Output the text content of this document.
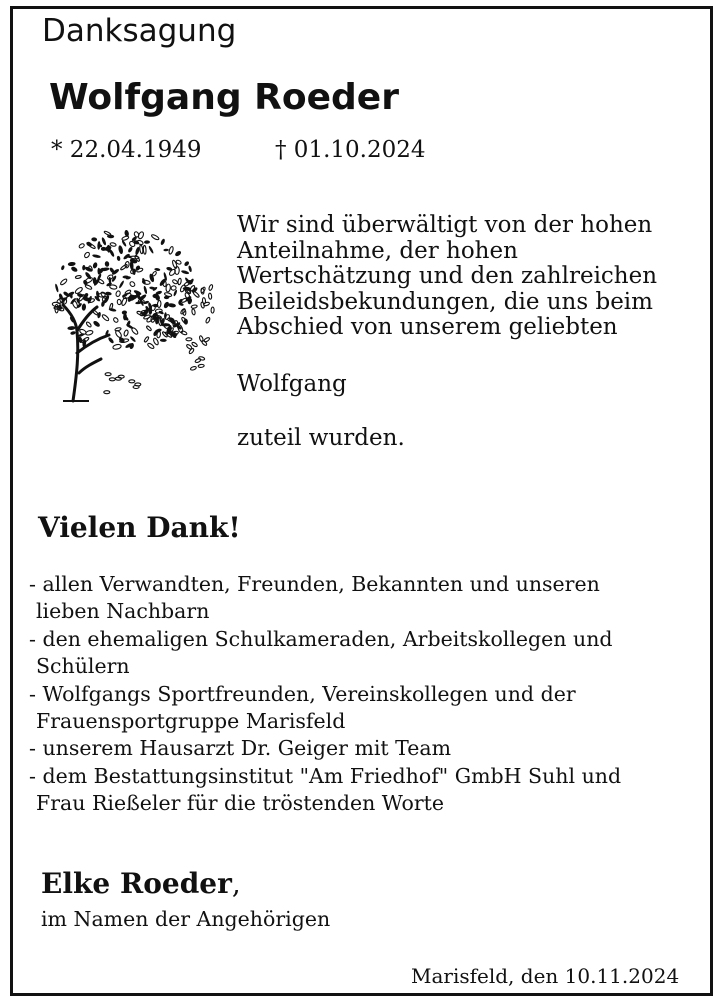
Danksagung
Wolfgang Roeder
* 22.04.1949	† 01.10.2024
Wir sind überwältigt von der hohen
Anteilnahme, der hohen
Wertschätzung und den zahlreichen
Beileidsbekundungen, die uns beim
Abschied von unserem geliebten
Wolfgang
zuteil wurden.
Vielen Dank!
- allen Verwandten, Freunden, Bekannten und unseren
lieben Nachbarn
- den ehemaligen Schulkameraden, Arbeitskollegen und
Schülern
- Wolfgangs Sportfreunden, Vereinskollegen und der
Frauensportgruppe Marisfeld
- unserem Hausarzt Dr. Geiger mit Team
- dem Bestattungsinstitut "Am Friedhof" GmbH Suhl und
Frau Rießeler für die tröstenden Worte
Elke Roeder,
im Namen der Angehörigen
Marisfeld, den 10.11.2024
